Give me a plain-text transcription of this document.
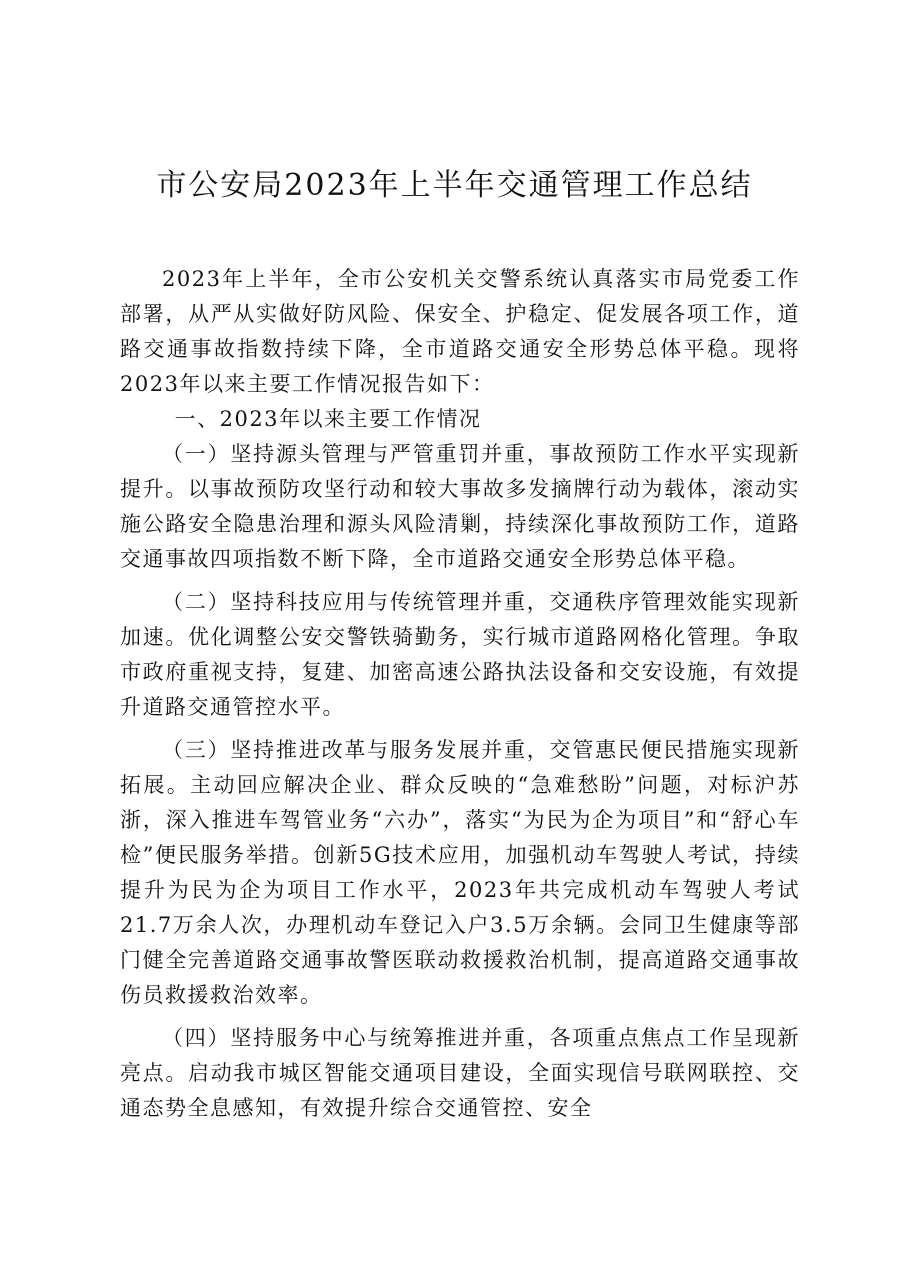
市公安局2023年上半年交通管理工作总结

2023年上半年，全市公安机关交警系统认真落实市局党委工作部署，从严从实做好防风险、保安全、护稳定、促发展各项工作，道路交通事故指数持续下降，全市道路交通安全形势总体平稳。现将2023年以来主要工作情况报告如下：

一、2023年以来主要工作情况

（一）坚持源头管理与严管重罚并重，事故预防工作水平实现新提升。以事故预防攻坚行动和较大事故多发摘牌行动为载体，滚动实施公路安全隐患治理和源头风险清剿，持续深化事故预防工作，道路交通事故四项指数不断下降，全市道路交通安全形势总体平稳。

（二）坚持科技应用与传统管理并重，交通秩序管理效能实现新加速。优化调整公安交警铁骑勤务，实行城市道路网格化管理。争取市政府重视支持，复建、加密高速公路执法设备和交安设施，有效提升道路交通管控水平。

（三）坚持推进改革与服务发展并重，交管惠民便民措施实现新拓展。主动回应解决企业、群众反映的“急难愁盼”问题，对标沪苏浙，深入推进车驾管业务“六办”，落实“为民为企为项目”和“舒心车检”便民服务举措。创新5G技术应用，加强机动车驾驶人考试，持续提升为民为企为项目工作水平，2023年共完成机动车驾驶人考试21.7万余人次，办理机动车登记入户3.5万余辆。会同卫生健康等部门健全完善道路交通事故警医联动救援救治机制，提高道路交通事故伤员救援救治效率。

（四）坚持服务中心与统筹推进并重，各项重点焦点工作呈现新亮点。启动我市城区智能交通项目建设，全面实现信号联网联控、交通态势全息感知，有效提升综合交通管控、安全
